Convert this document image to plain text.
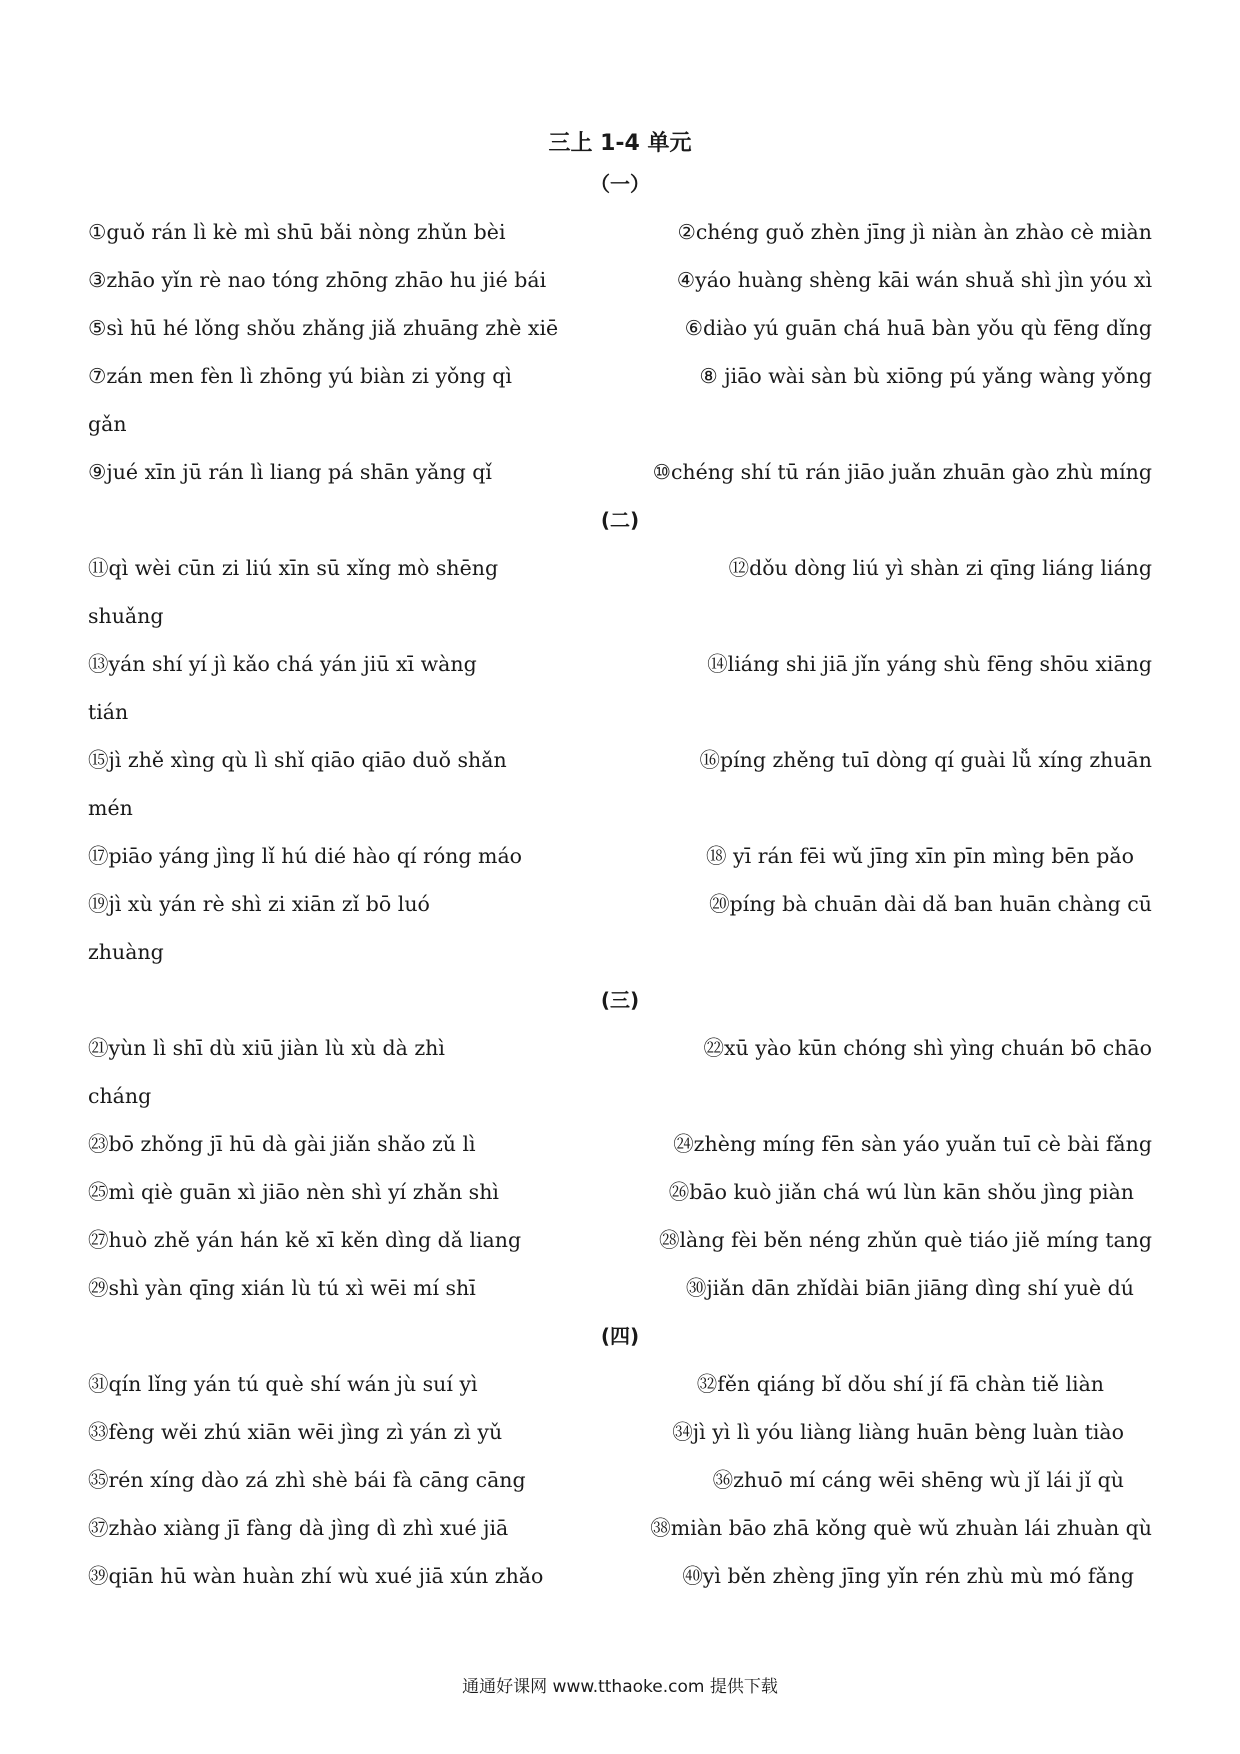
三上 1-4 单元
（一）
①guǒ rán lì kè mì shū bǎi nòng zhǔn bèi	②chéng guǒ zhèn jīng jì niàn àn zhào cè miàn
③zhāo yǐn rè nao tóng zhōng zhāo hu jié bái	④yáo huàng shèng kāi wán shuǎ shì jìn yóu xì
⑤sì hū hé lǒng shǒu zhǎng jiǎ zhuāng zhè xiē	⑥diào yú guān chá huā bàn yǒu qù fēng dǐng
⑦zán men fèn lì zhōng yú biàn zi yǒng qì	⑧ jiāo wài sàn bù xiōng pú yǎng wàng yǒng
gǎn
⑨jué xīn jū rán lì liang pá shān yǎng qǐ	⑩chéng shí tū rán jiāo juǎn zhuān gào zhù míng
(二)
⑪qì wèi cūn zi liú xīn sū xǐng mò shēng	⑫dǒu dòng liú yì shàn zi qīng liáng liáng
shuǎng
⑬yán shí yí jì kǎo chá yán jiū xī wàng	⑭liáng shi jiā jǐn yáng shù fēng shōu xiāng
tián
⑮jì zhě xìng qù lì shǐ qiāo qiāo duǒ shǎn	⑯píng zhěng tuī dòng qí guài lǚ xíng zhuān
mén
⑰piāo yáng jìng lǐ hú dié hào qí róng máo	⑱ yī rán fēi wǔ jīng xīn pīn mìng bēn pǎo
⑲jì xù yán rè shì zi xiān zǐ bō luó	⑳píng bà chuān dài dǎ ban huān chàng cū
zhuàng
(三)
㉑yùn lì shī dù xiū jiàn lù xù dà zhì	㉒xū yào kūn chóng shì yìng chuán bō chāo
cháng
㉓bō zhǒng jī hū dà gài jiǎn shǎo zǔ lì	㉔zhèng míng fēn sàn yáo yuǎn tuī cè bài fǎng
㉕mì qiè guān xì jiāo nèn shì yí zhǎn shì	㉖bāo kuò jiǎn chá wú lùn kān shǒu jìng piàn
㉗huò zhě yán hán kě xī kěn dìng dǎ liang	㉘làng fèi běn néng zhǔn què tiáo jiě míng tang
㉙shì yàn qīng xián lù tú xì wēi mí shī	㉚jiǎn dān zhǐdài biān jiāng dìng shí yuè dú
(四)
㉛qín lǐng yán tú què shí wán jù suí yì	㉜fěn qiáng bǐ dǒu shí jí fā chàn tiě liàn
㉝fèng wěi zhú xiān wēi jìng zì yán zì yǔ	㉞jì yì lì yóu liàng liàng huān bèng luàn tiào
㉟rén xíng dào zá zhì shè bái fà cāng cāng	㊱zhuō mí cáng wēi shēng wù jǐ lái jǐ qù
㊲zhào xiàng jī fàng dà jìng dì zhì xué jiā	㊳miàn bāo zhā kǒng què wǔ zhuàn lái zhuàn qù
㊴qiān hū wàn huàn zhí wù xué jiā xún zhǎo	㊵yì běn zhèng jīng yǐn rén zhù mù mó fǎng
通通好课网 www.tthaoke.com 提供下载
